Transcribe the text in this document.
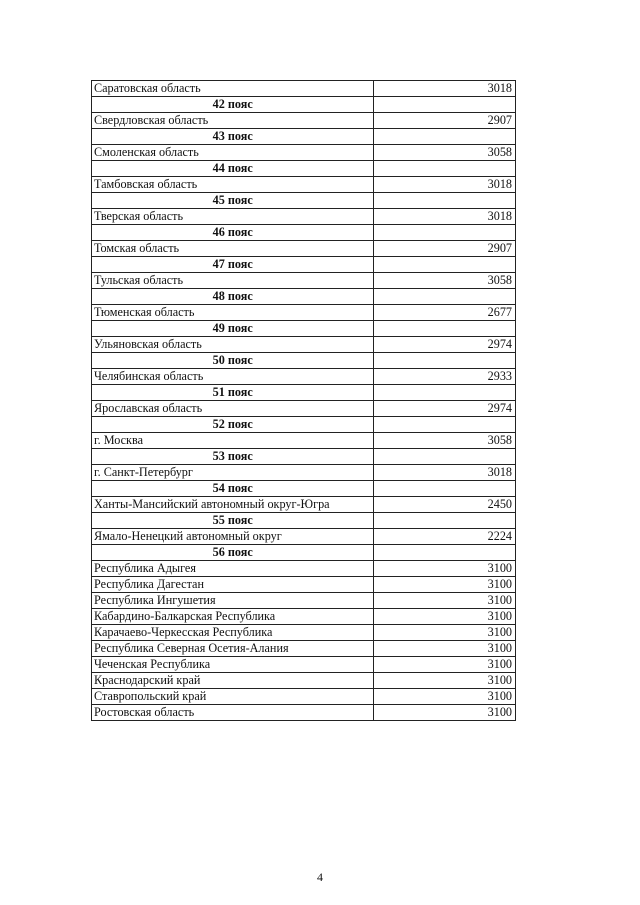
Саратовская область	3018
42 пояс	
Свердловская область	2907
43 пояс	
Смоленская область	3058
44 пояс	
Тамбовская область	3018
45 пояс	
Тверская область	3018
46 пояс	
Томская область	2907
47 пояс	
Тульская область	3058
48 пояс	
Тюменская область	2677
49 пояс	
Ульяновская область	2974
50 пояс	
Челябинская область	2933
51 пояс	
Ярославская область	2974
52 пояс	
г. Москва	3058
53 пояс	
г. Санкт-Петербург	3018
54 пояс	
Ханты-Мансийский автономный округ-Югра	2450
55 пояс	
Ямало-Ненецкий автономный округ	2224
56 пояс	
Республика Адыгея	3100
Республика Дагестан	3100
Республика Ингушетия	3100
Кабардино-Балкарская Республика	3100
Карачаево-Черкесская Республика	3100
Республика Северная Осетия-Алания	3100
Чеченская Республика	3100
Краснодарский край	3100
Ставропольский край	3100
Ростовская область	3100
4
